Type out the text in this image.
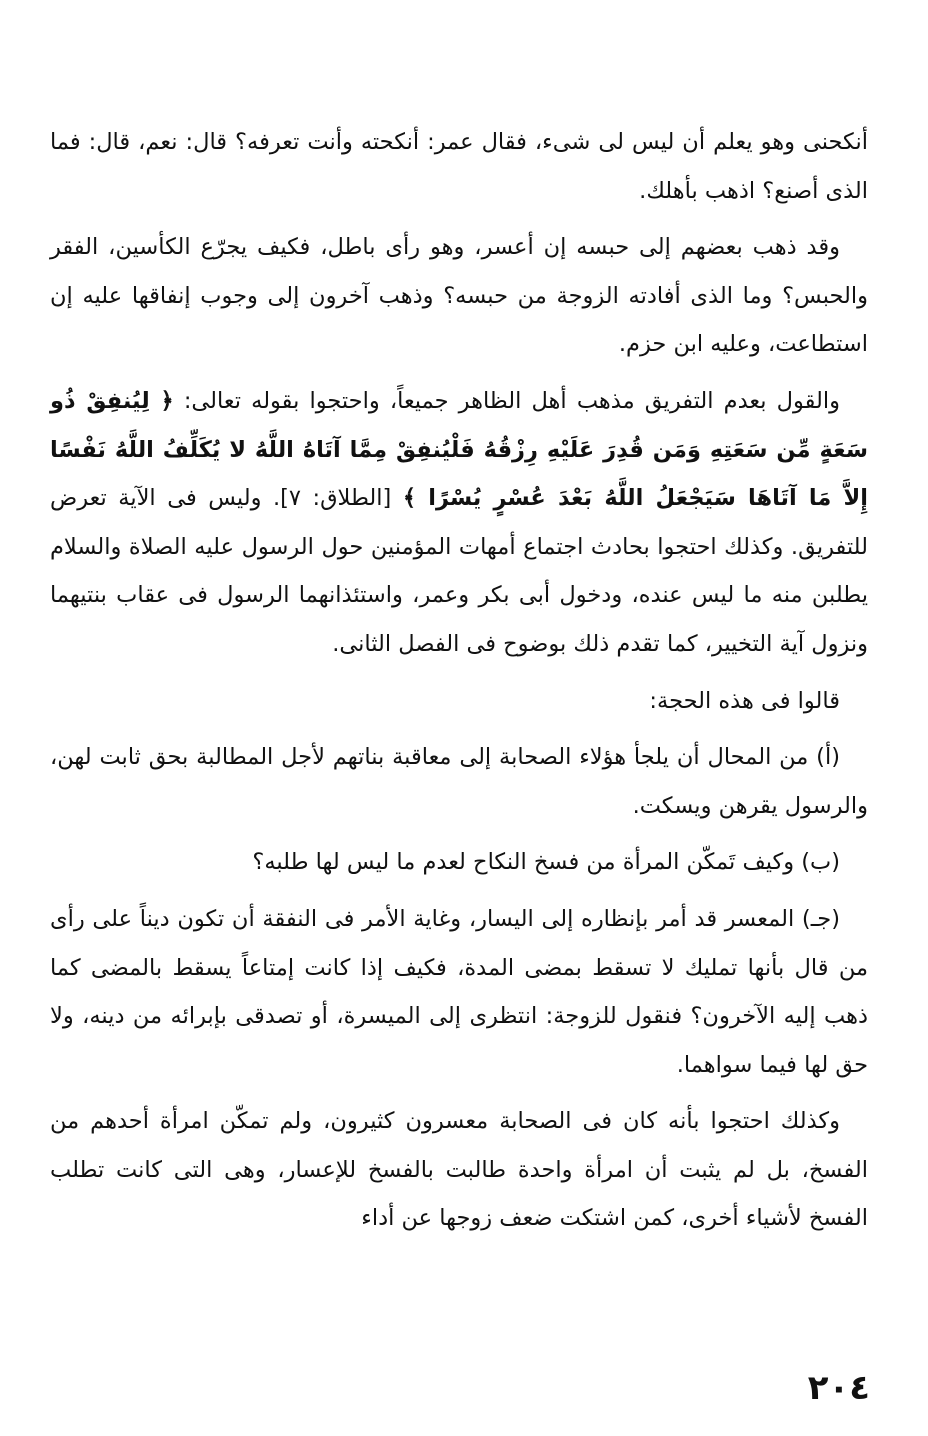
أنكحنى وهو يعلم أن ليس لى شىء، فقال عمر: أنكحته وأنت تعرفه؟ قال: نعم، قال: فما الذى أصنع؟ اذهب بأهلك.

وقد ذهب بعضهم إلى حبسه إن أعسر، وهو رأى باطل، فكيف يجرّع الكأسين، الفقر والحبس؟ وما الذى أفادته الزوجة من حبسه؟ وذهب آخرون إلى وجوب إنفاقها عليه إن استطاعت، وعليه ابن حزم.

والقول بعدم التفريق مذهب أهل الظاهر جميعاً، واحتجوا بقوله تعالى: ﴿ لِيُنفِقْ ذُو سَعَةٍ مِّن سَعَتِهِ وَمَن قُدِرَ عَلَيْهِ رِزْقُهُ فَلْيُنفِقْ مِمَّا آتَاهُ اللَّهُ لا يُكَلِّفُ اللَّهُ نَفْسًا إِلاَّ مَا آتَاهَا سَيَجْعَلُ اللَّهُ بَعْدَ عُسْرٍ يُسْرًا ﴾ [الطلاق: ٧]. وليس فى الآية تعرض للتفريق. وكذلك احتجوا بحادث اجتماع أمهات المؤمنين حول الرسول عليه الصلاة والسلام يطلبن منه ما ليس عنده، ودخول أبى بكر وعمر، واستئذانهما الرسول فى عقاب بنتيهما ونزول آية التخيير، كما تقدم ذلك بوضوح فى الفصل الثانى.

قالوا فى هذه الحجة:

(أ) من المحال أن يلجأ هؤلاء الصحابة إلى معاقبة بناتهم لأجل المطالبة بحق ثابت لهن، والرسول يقرهن ويسكت.

(ب) وكيف تَمكّن المرأة من فسخ النكاح لعدم ما ليس لها طلبه؟

(جـ) المعسر قد أمر بإنظاره إلى اليسار، وغاية الأمر فى النفقة أن تكون ديناً على رأى من قال بأنها تمليك لا تسقط بمضى المدة، فكيف إذا كانت إمتاعاً يسقط بالمضى كما ذهب إليه الآخرون؟ فنقول للزوجة: انتظرى إلى الميسرة، أو تصدقى بإبرائه من دينه، ولا حق لها فيما سواهما.

وكذلك احتجوا بأنه كان فى الصحابة معسرون كثيرون، ولم تمكّن امرأة أحدهم من الفسخ، بل لم يثبت أن امرأة واحدة طالبت بالفسخ للإعسار، وهى التى كانت تطلب الفسخ لأشياء أخرى، كمن اشتكت ضعف زوجها عن أداء

٢٠٤
